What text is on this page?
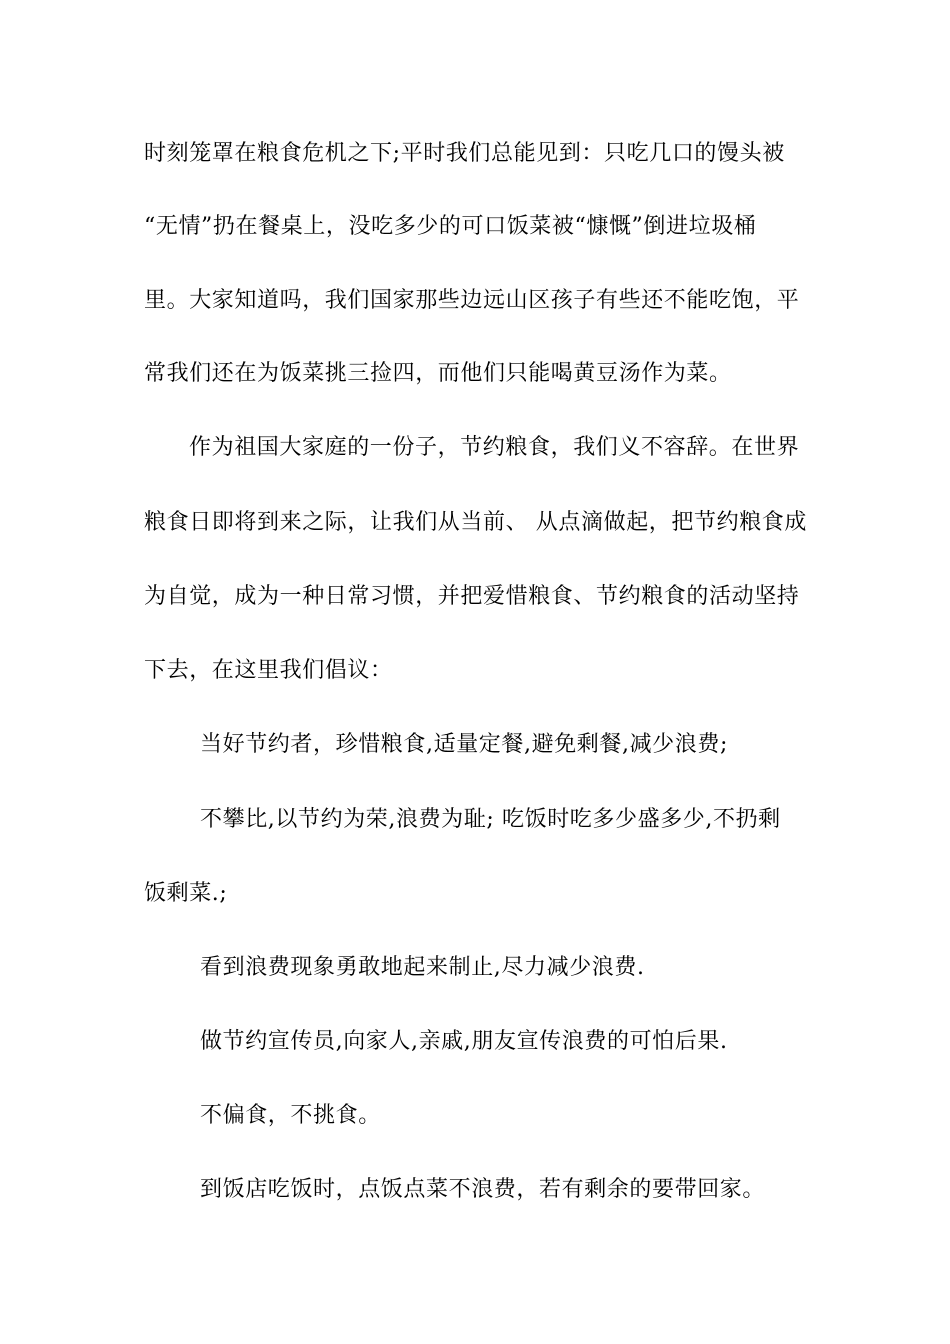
时刻笼罩在粮食危机之下;平时我们总能见到：只吃几口的馒头被
“无情”扔在餐桌上，没吃多少的可口饭菜被“慷慨”倒进垃圾桶
里。大家知道吗，我们国家那些边远山区孩子有些还不能吃饱，平
常我们还在为饭菜挑三捡四，而他们只能喝黄豆汤作为菜。
作为祖国大家庭的一份子，节约粮食，我们义不容辞。在世界
粮食日即将到来之际，让我们从当前、 从点滴做起，把节约粮食成
为自觉，成为一种日常习惯，并把爱惜粮食、节约粮食的活动坚持
下去，在这里我们倡议：
当好节约者，珍惜粮食,适量定餐,避免剩餐,减少浪费;
不攀比,以节约为荣,浪费为耻; 吃饭时吃多少盛多少,不扔剩
饭剩菜.;
看到浪费现象勇敢地起来制止,尽力减少浪费.
做节约宣传员,向家人,亲戚,朋友宣传浪费的可怕后果.
不偏食，不挑食。
到饭店吃饭时，点饭点菜不浪费，若有剩余的要带回家。
